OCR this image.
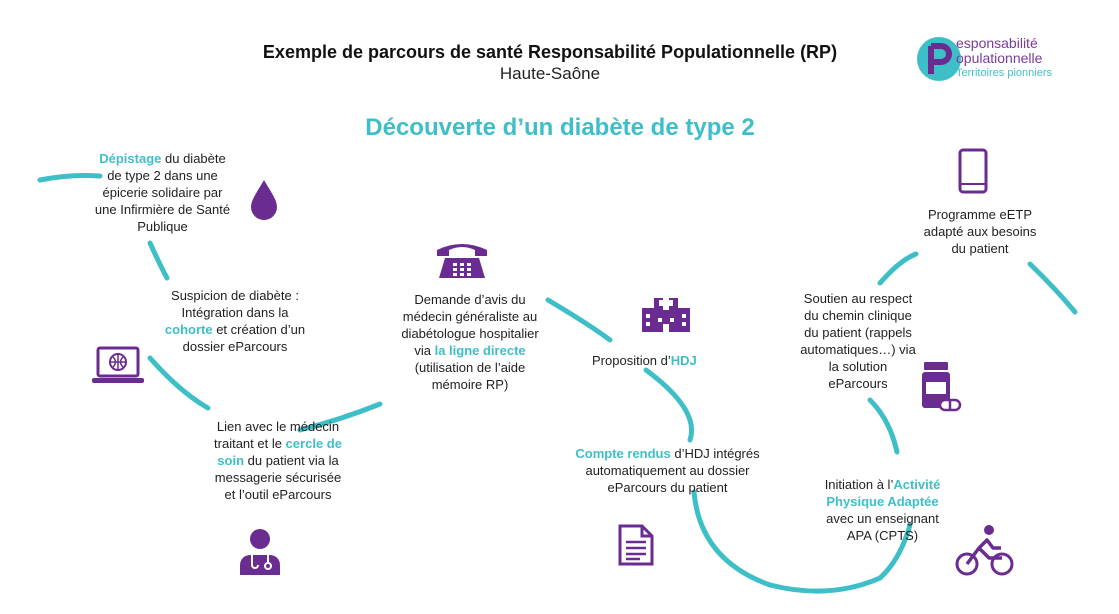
Exemple de parcours de santé Responsabilité Populationnelle (RP)
Haute-Saône
esponsabilité
opulationnelle
Territoires pionniers
Découverte d’un diabète de type 2
Dépistage du diabète
de type 2 dans une
épicerie solidaire par
une Infirmière de Santé
Publique
Suspicion de diabète :
Intégration dans la
cohorte et création d’un
dossier eParcours
Lien avec le médecin
traitant et le cercle de
soin du patient via la
messagerie sécurisée
et l’outil eParcours
Demande d’avis du
médecin généraliste au
diabétologue hospitalier
via la ligne directe
(utilisation de l’aide
mémoire RP)
Proposition d’HDJ
Compte rendus d’HDJ intégrés
automatiquement au dossier
eParcours du patient	Initiation à l’Activité
Physique Adaptée
avec un enseignant
APA (CPTS)
Soutien au respect
du chemin clinique
du patient (rappels
automatiques…) via
la solution
eParcours
Programme eETP
adapté aux besoins
du patient
